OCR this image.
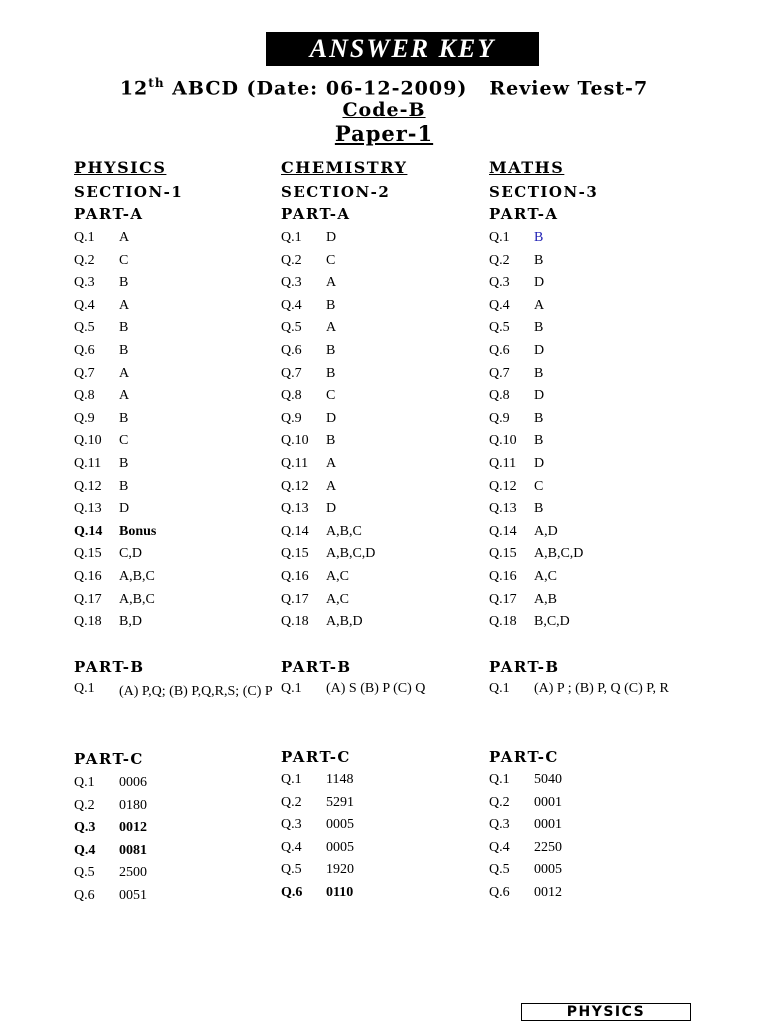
ANSWER KEY
12th ABCD (Date: 06-12-2009) Review Test-7
Code-B
Paper-1
PHYSICS
SECTION-1
PART-A
Q.1 A
Q.2 C
Q.3 B
Q.4 A
Q.5 B
Q.6 B
Q.7 A
Q.8 A
Q.9 B
Q.10 C
Q.11 B
Q.12 B
Q.13 D
Q.14 Bonus
Q.15 C,D
Q.16 A,B,C
Q.17 A,B,C
Q.18 B,D
PART-B
Q.1 (A) P,Q; (B) P,Q,R,S; (C) P
PART-C
Q.1 0006
Q.2 0180
Q.3 0012
Q.4 0081
Q.5 2500
Q.6 0051
CHEMISTRY
SECTION-2
PART-A
Q.1 D
Q.2 C
Q.3 A
Q.4 B
Q.5 A
Q.6 B
Q.7 B
Q.8 C
Q.9 D
Q.10 B
Q.11 A
Q.12 A
Q.13 D
Q.14 A,B,C
Q.15 A,B,C,D
Q.16 A,C
Q.17 A,C
Q.18 A,B,D
PART-B
Q.1 (A) S (B) P (C) Q
PART-C
Q.1 1148
Q.2 5291
Q.3 0005
Q.4 0005
Q.5 1920
Q.6 0110
MATHS
SECTION-3
PART-A
Q.1 B
Q.2 B
Q.3 D
Q.4 A
Q.5 B
Q.6 D
Q.7 B
Q.8 D
Q.9 B
Q.10 B
Q.11 D
Q.12 C
Q.13 B
Q.14 A,D
Q.15 A,B,C,D
Q.16 A,C
Q.17 A,B
Q.18 B,C,D
PART-B
Q.1 (A) P ; (B) P, Q (C) P, R
PART-C
Q.1 5040
Q.2 0001
Q.3 0001
Q.4 2250
Q.5 0005
Q.6 0012
PHYSICS
